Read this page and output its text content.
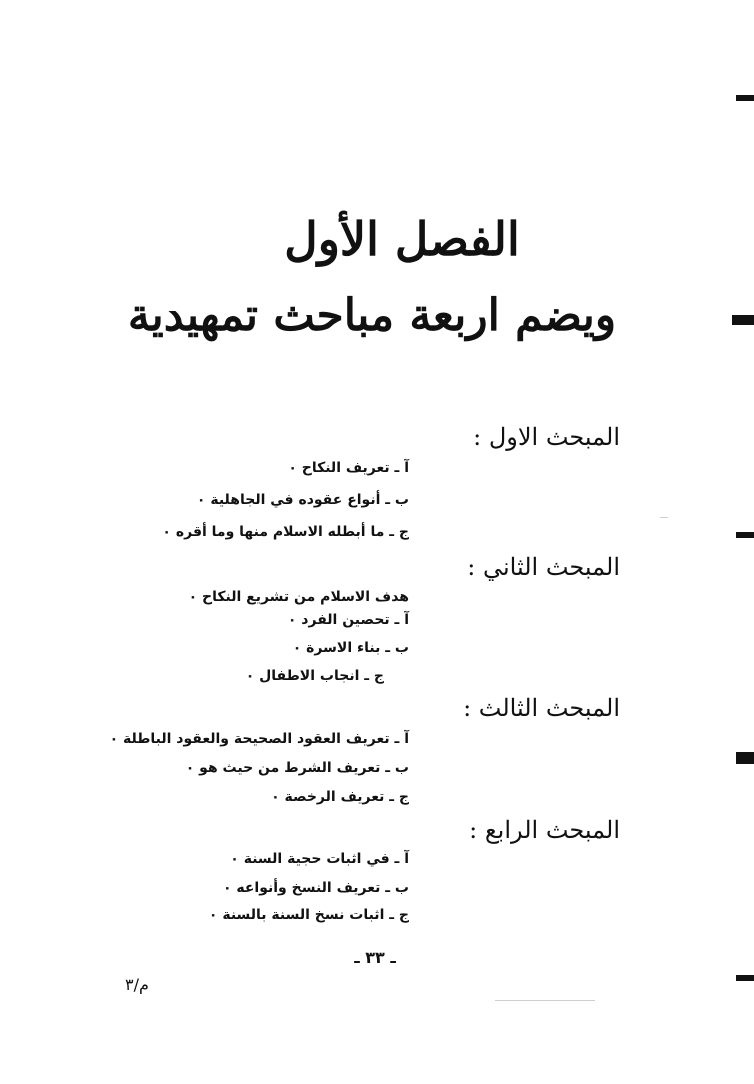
الفصل الأول
ويضم اربعة مباحث تمهيدية
المبحث الاول :
آ ـ تعريف النكاح ٠
ب ـ أنواع عقوده في الجاهلية ٠
ج ـ ما أبطله الاسلام منها وما أقره ٠
المبحث الثاني :
هدف الاسلام من تشريع النكاح ٠
آ ـ تحصين الفرد ٠
ب ـ بناء الاسرة ٠
ج ـ انجاب الاطفال ٠
المبحث الثالث :
آ ـ تعريف العقود الصحيحة والعقود الباطلة ٠
ب ـ تعريف الشرط من حيث هو ٠
ج ـ تعريف الرخصة ٠
المبحث الرابع :
آ ـ في اثبات حجية السنة ٠
ب ـ تعريف النسخ وأنواعه ٠
ج ـ اثبات نسخ السنة بالسنة ٠
ـ ٣٣ ـ
م/٣
